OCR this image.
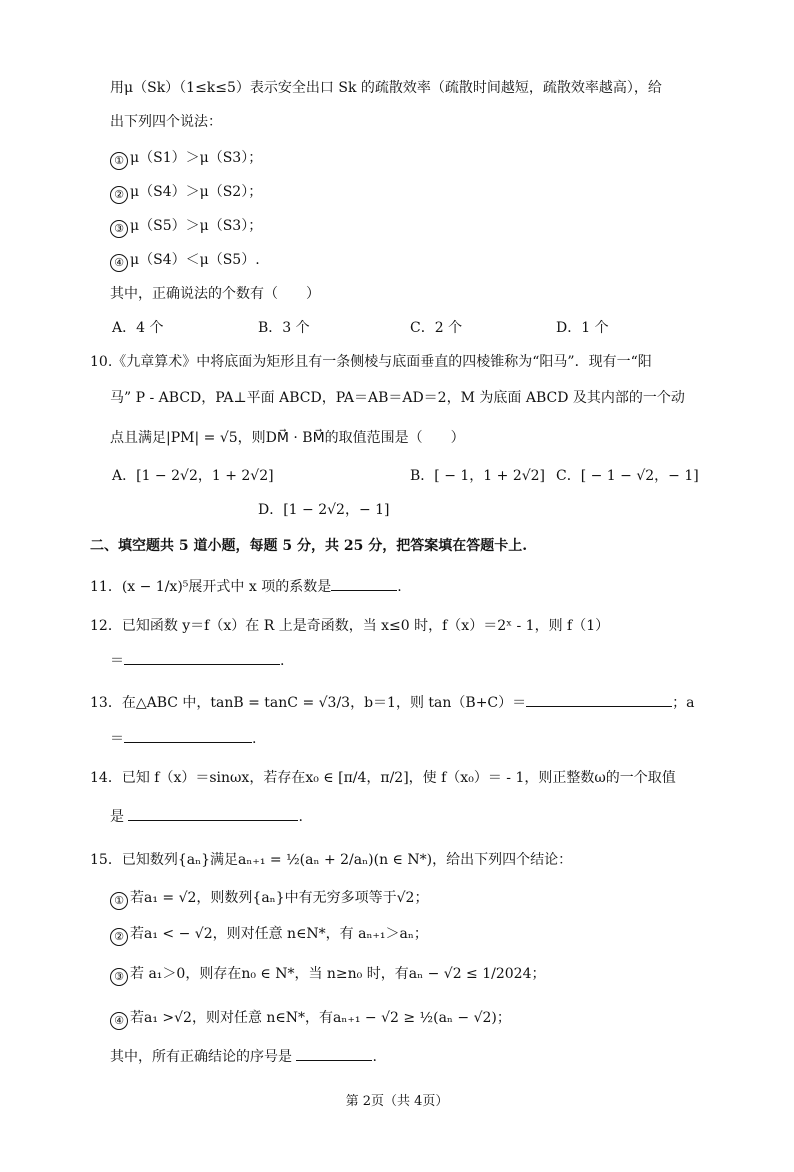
用μ（Sk）（1≤k≤5）表示安全出口 Sk 的疏散效率（疏散时间越短，疏散效率越高），给
出下列四个说法：
① μ（S1）＞μ（S3）；
② μ（S4）＞μ（S2）；
③ μ（S5）＞μ（S3）；
④ μ（S4）＜μ（S5）.
其中，正确说法的个数有（　　）
A．4 个	B．3 个	C．2 个	D．1 个
10.《九章算术》中将底面为矩形且有一条侧棱与底面垂直的四棱锥称为“阳马”．现有一“阳
马” P - ABCD，PA⊥平面 ABCD，PA＝AB＝AD＝2，M 为底面 ABCD 及其内部的一个动
点且满足|PM| = √5，则DM⃗ · BM⃗的取值范围是（　　）
A．[1 − 2√2，1 + 2√2]	B．[ − 1，1 + 2√2] C．[ − 1 − √2，− 1]
D．[1 − 2√2，− 1]
二、填空题共 5 道小题，每题 5 分，共 25 分，把答案填在答题卡上.
11．(x − 1/x)⁵展开式中 x 项的系数是	.
12．已知函数 y＝f（x）在 R 上是奇函数，当 x≤0 时，f（x）＝2ˣ - 1，则 f（1）
＝	.
13．在△ABC 中，tanB = tanC = √3/3，b＝1，则 tan（B+C）＝	；a
＝	.
14．已知 f（x）＝sinωx，若存在x₀ ∈ [π/4，π/2]，使 f（x₀）＝ - 1，则正整数ω的一个取值
是	.
15．已知数列{aₙ}满足aₙ₊₁ = ½(aₙ + 2/aₙ)(n ∈ N*)，给出下列四个结论：
① 若a₁ = √2，则数列{aₙ}中有无穷多项等于√2；
② 若a₁ < − √2，则对任意 n∈N*，有 aₙ₊₁＞aₙ；
③ 若 a₁＞0，则存在n₀ ∈ N*，当 n≥n₀ 时，有aₙ − √2 ≤ 1/2024；
④ 若a₁ >√2，则对任意 n∈N*，有aₙ₊₁ − √2 ≥ ½(aₙ − √2)；
其中，所有正确结论的序号是	.
第 2页（共 4页）
